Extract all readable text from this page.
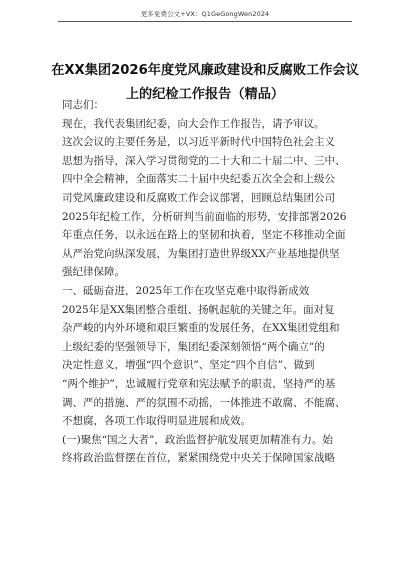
更多免费公文+VX：Q1GeGongWen2024
在XX集团2026年度党风廉政建设和反腐败工作会议
上的纪检工作报告（精品）

同志们：

现在，我代表集团纪委，向大会作工作报告，请予审议。

这次会议的主要任务是，以习近平新时代中国特色社会主义
思想为指导，深入学习贯彻党的二十大和二十届二中、三中、
四中全会精神，全面落实二十届中央纪委五次全会和上级公
司党风廉政建设和反腐败工作会议部署，回顾总结集团公司
2025年纪检工作，分析研判当前面临的形势，安排部署2026
年重点任务，以永远在路上的坚韧和执着，坚定不移推动全面
从严治党向纵深发展，为集团打造世界级XX产业基地提供坚
强纪律保障。

一、砥砺奋进，2025年工作在攻坚克难中取得新成效

2025年是XX集团整合重组、扬帆起航的关键之年。面对复
杂严峻的内外环境和艰巨繁重的发展任务，在XX集团党组和
上级纪委的坚强领导下，集团纪委深刻领悟“两个确立”的
决定性意义，增强“四个意识”、坚定“四个自信”、做到
“两个维护”，忠诚履行党章和宪法赋予的职责，坚持严的基
调、严的措施、严的氛围不动摇，一体推进不敢腐、不能腐、
不想腐，各项工作取得明显进展和成效。

(一)聚焦“国之大者”，政治监督护航发展更加精准有力。始
终将政治监督摆在首位，紧紧围绕党中央关于保障国家战略
